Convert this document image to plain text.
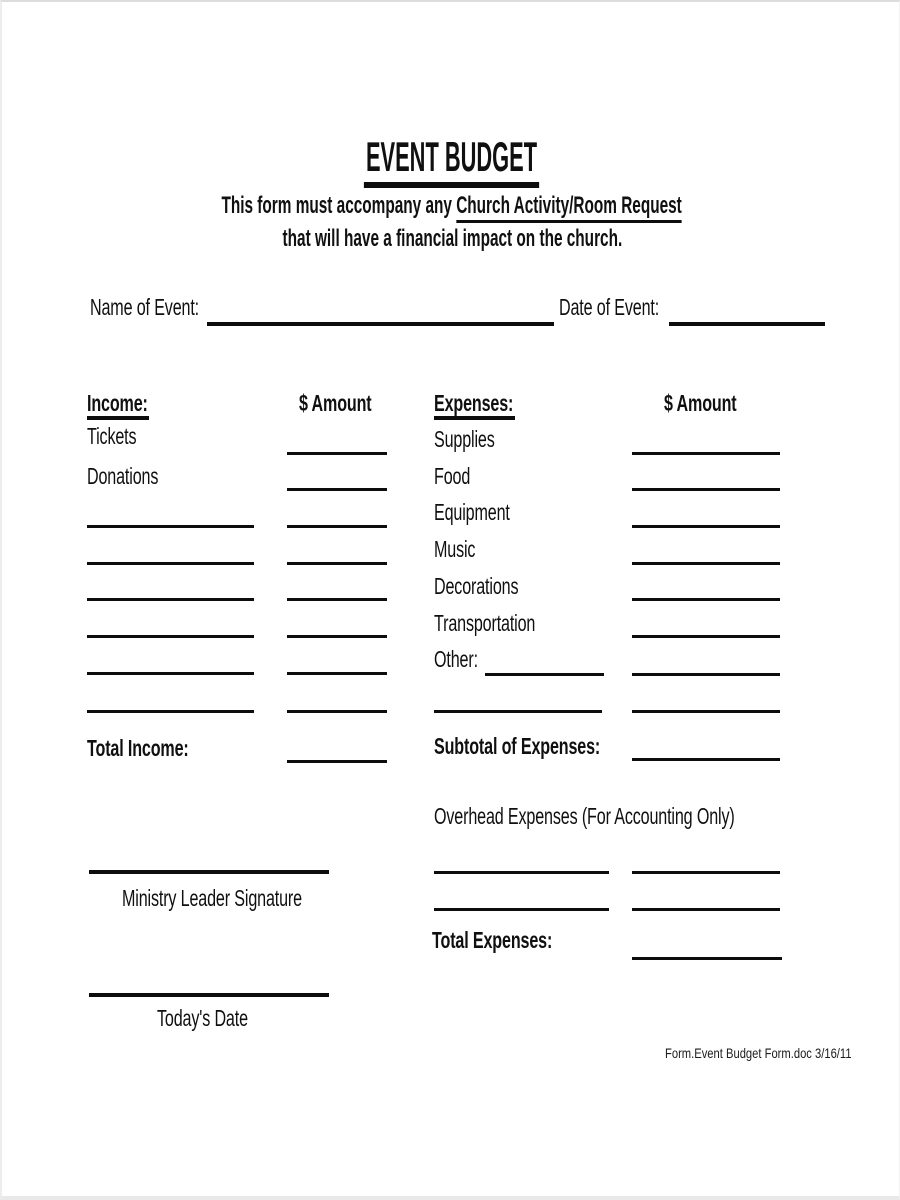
EVENT BUDGET
This form must accompany any Church Activity/Room Request
that will have a financial impact on the church.
Name of Event:	Date of Event:
Income:	$ Amount
Tickets
Donations
Total Income:
Expenses:	$ Amount
Supplies
Food
Equipment
Music
Decorations
Transportation
Other:
Subtotal of Expenses:
Overhead Expenses (For Accounting Only)
Total Expenses:
Ministry Leader Signature
Today's Date
Form.Event Budget Form.doc 3/16/11
